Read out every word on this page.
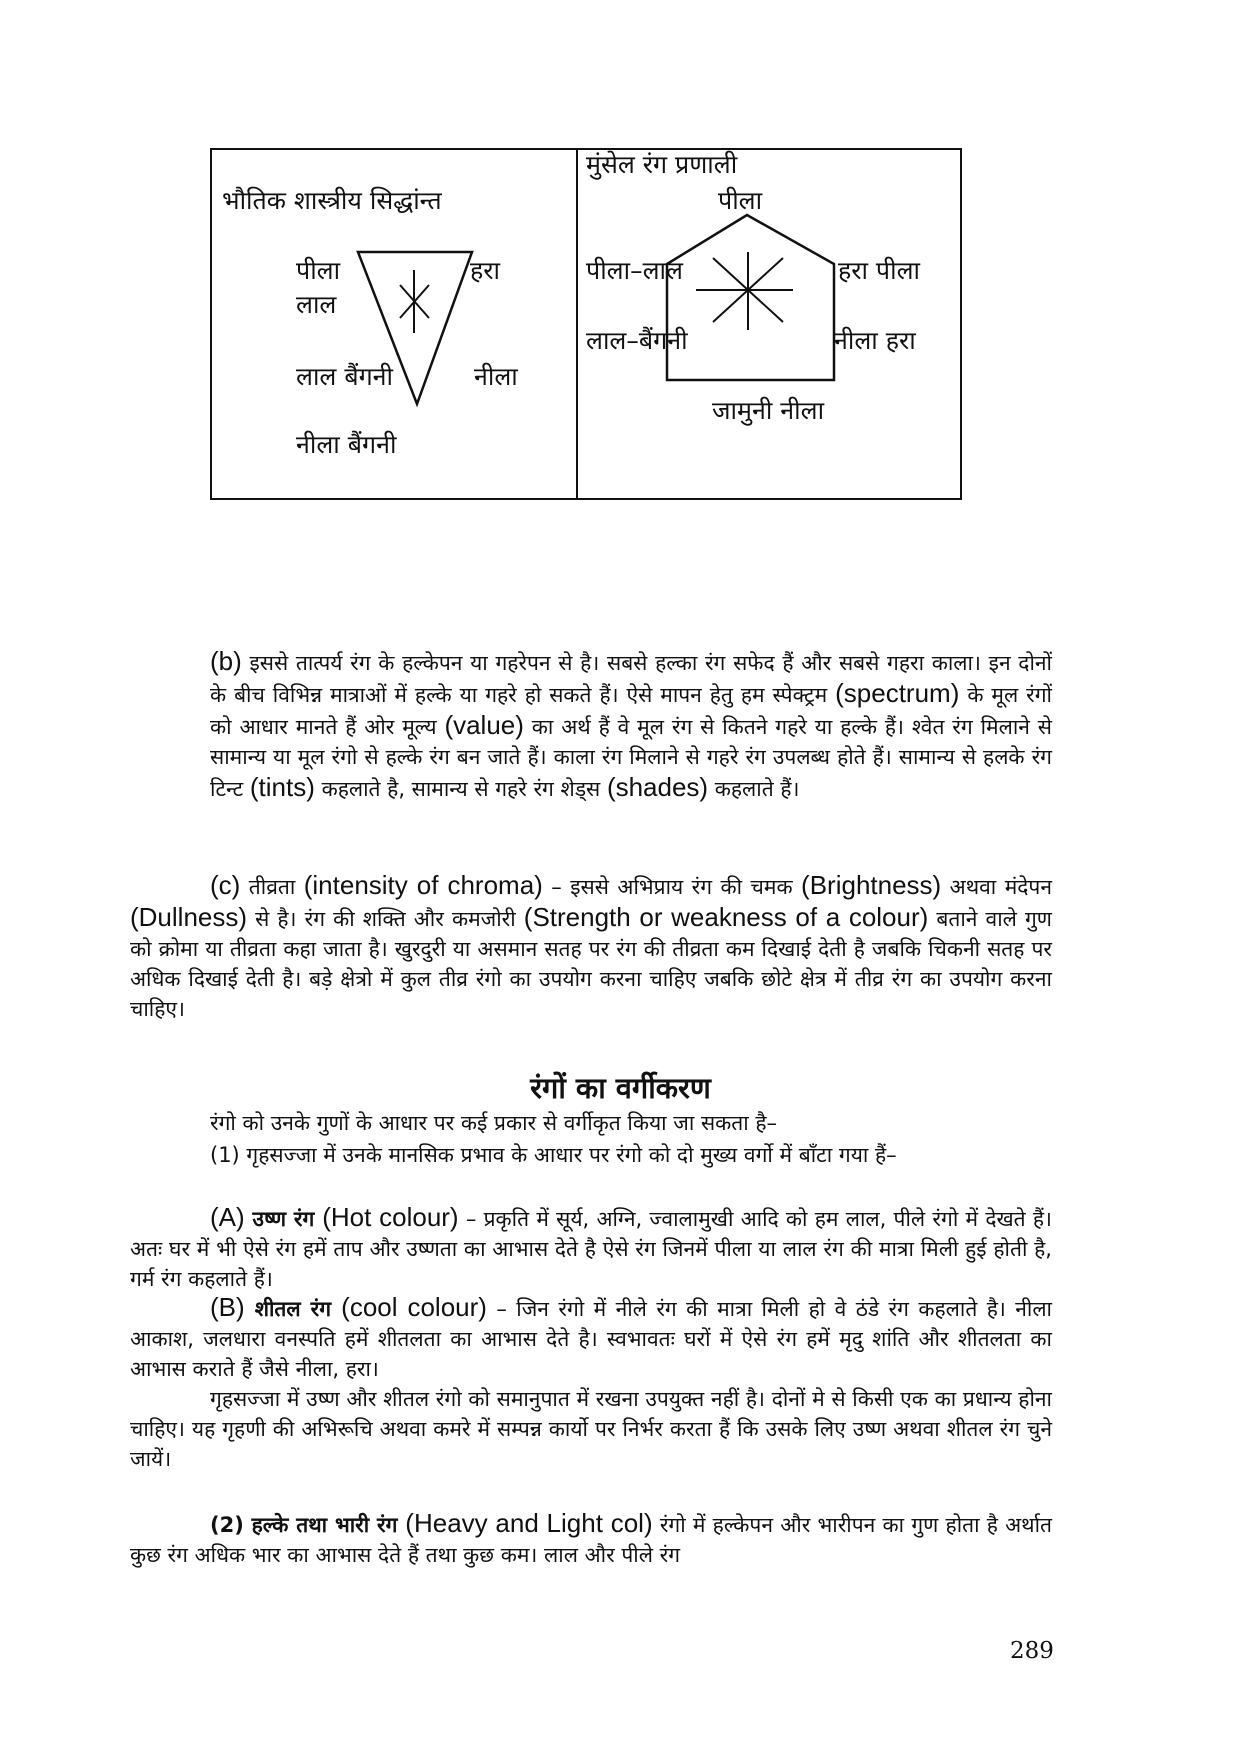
भौतिक शास्त्रीय सिद्धांन्त
पीला	हरा
लाल
लाल बैंगनी	नीला
नीला बैंगनी
मुंसेल रंग प्रणाली
पीला
पीला–लाल	हरा पीला
लाल–बैंगनी	नीला हरा
जामुनी नीला
(b) इससे तात्पर्य रंग के हल्केपन या गहरेपन से है। सबसे हल्का रंग सफेद हैं और सबसे गहरा काला। इन दोनों के बीच विभिन्न मात्राओं में हल्के या गहरे हो सकते हैं। ऐसे मापन हेतु हम स्पेक्ट्रम (spectrum) के मूल रंगों को आधार मानते हैं ओर मूल्य (value) का अर्थ हैं वे मूल रंग से कितने गहरे या हल्के हैं। श्वेत रंग मिलाने से सामान्य या मूल रंगो से हल्के रंग बन जाते हैं। काला रंग मिलाने से गहरे रंग उपलब्ध होते हैं। सामान्य से हलके रंग टिन्ट (tints) कहलाते है, सामान्य से गहरे रंग शेड्स (shades) कहलाते हैं।
(c) तीव्रता (intensity of chroma) – इससे अभिप्राय रंग की चमक (Brightness) अथवा मंदेपन (Dullness) से है। रंग की शक्ति और कमजोरी (Strength or weakness of a colour) बताने वाले गुण को क्रोमा या तीव्रता कहा जाता है। खुरदुरी या असमान सतह पर रंग की तीव्रता कम दिखाई देती है जबकि चिकनी सतह पर अधिक दिखाई देती है। बड़े क्षेत्रो में कुल तीव्र रंगो का उपयोग करना चाहिए जबकि छोटे क्षेत्र में तीव्र रंग का उपयोग करना चाहिए।
रंगों का वर्गीकरण
रंगो को उनके गुणों के आधार पर कई प्रकार से वर्गीकृत किया जा सकता है–
(1) गृहसज्जा में उनके मानसिक प्रभाव के आधार पर रंगो को दो मुख्य वर्गो में बाँटा गया हैं–
(A) उष्ण रंग (Hot colour) – प्रकृति में सूर्य, अग्नि, ज्वालामुखी आदि को हम लाल, पीले रंगो में देखते हैं। अतः घर में भी ऐसे रंग हमें ताप और उष्णता का आभास देते है ऐसे रंग जिनमें पीला या लाल रंग की मात्रा मिली हुई होती है, गर्म रंग कहलाते हैं।
(B) शीतल रंग (cool colour) – जिन रंगो में नीले रंग की मात्रा मिली हो वे ठंडे रंग कहलाते है। नीला आकाश, जलधारा वनस्पति हमें शीतलता का आभास देते है। स्वभावतः घरों में ऐसे रंग हमें मृदु शांति और शीतलता का आभास कराते हैं जैसे नीला, हरा।
गृहसज्जा में उष्ण और शीतल रंगो को समानुपात में रखना उपयुक्त नहीं है। दोनों मे से किसी एक का प्रधान्य होना चाहिए। यह गृहणी की अभिरूचि अथवा कमरे में सम्पन्न कार्यो पर निर्भर करता हैं कि उसके लिए उष्ण अथवा शीतल रंग चुने जायें।
(2) हल्के तथा भारी रंग (Heavy and Light col) रंगो में हल्केपन और भारीपन का गुण होता है अर्थात कुछ रंग अधिक भार का आभास देते हैं तथा कुछ कम। लाल और पीले रंग
289
